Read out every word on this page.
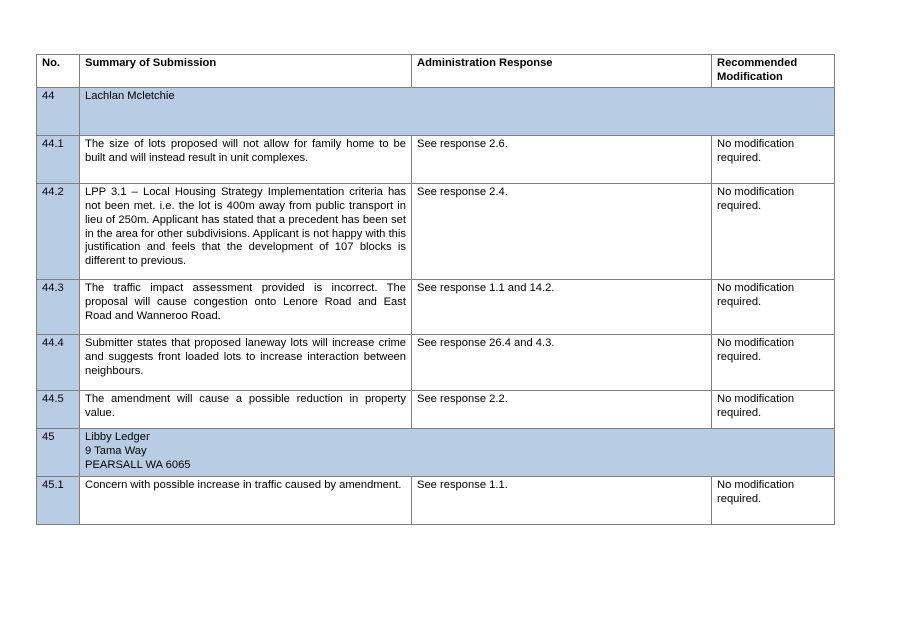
No.	Summary of Submission	Administration Response	Recommended Modification
44	Lachlan Mcletchie		

44.1	The size of lots proposed will not allow for family home to be built and will instead result in unit complexes.	See response 2.6.	No modification required.
44.2	LPP 3.1 – Local Housing Strategy Implementation criteria has not been met. i.e. the lot is 400m away from public transport in lieu of 250m. Applicant has stated that a precedent has been set in the area for other subdivisions. Applicant is not happy with this justification and feels that the development of 107 blocks is different to previous.	See response 2.4.	No modification required.
44.3	The traffic impact assessment provided is incorrect. The proposal will cause congestion onto Lenore Road and East Road and Wanneroo Road.	See response 1.1 and 14.2.	No modification required.
44.4	Submitter states that proposed laneway lots will increase crime and suggests front loaded lots to increase interaction between neighbours.	See response 26.4 and 4.3.	No modification required.
44.5	The amendment will cause a possible reduction in property value.	See response 2.2.	No modification required.
45	Libby Ledger
9 Tama Way
PEARSALL WA 6065		

45.1	Concern with possible increase in traffic caused by amendment.	See response 1.1.	No modification required.
